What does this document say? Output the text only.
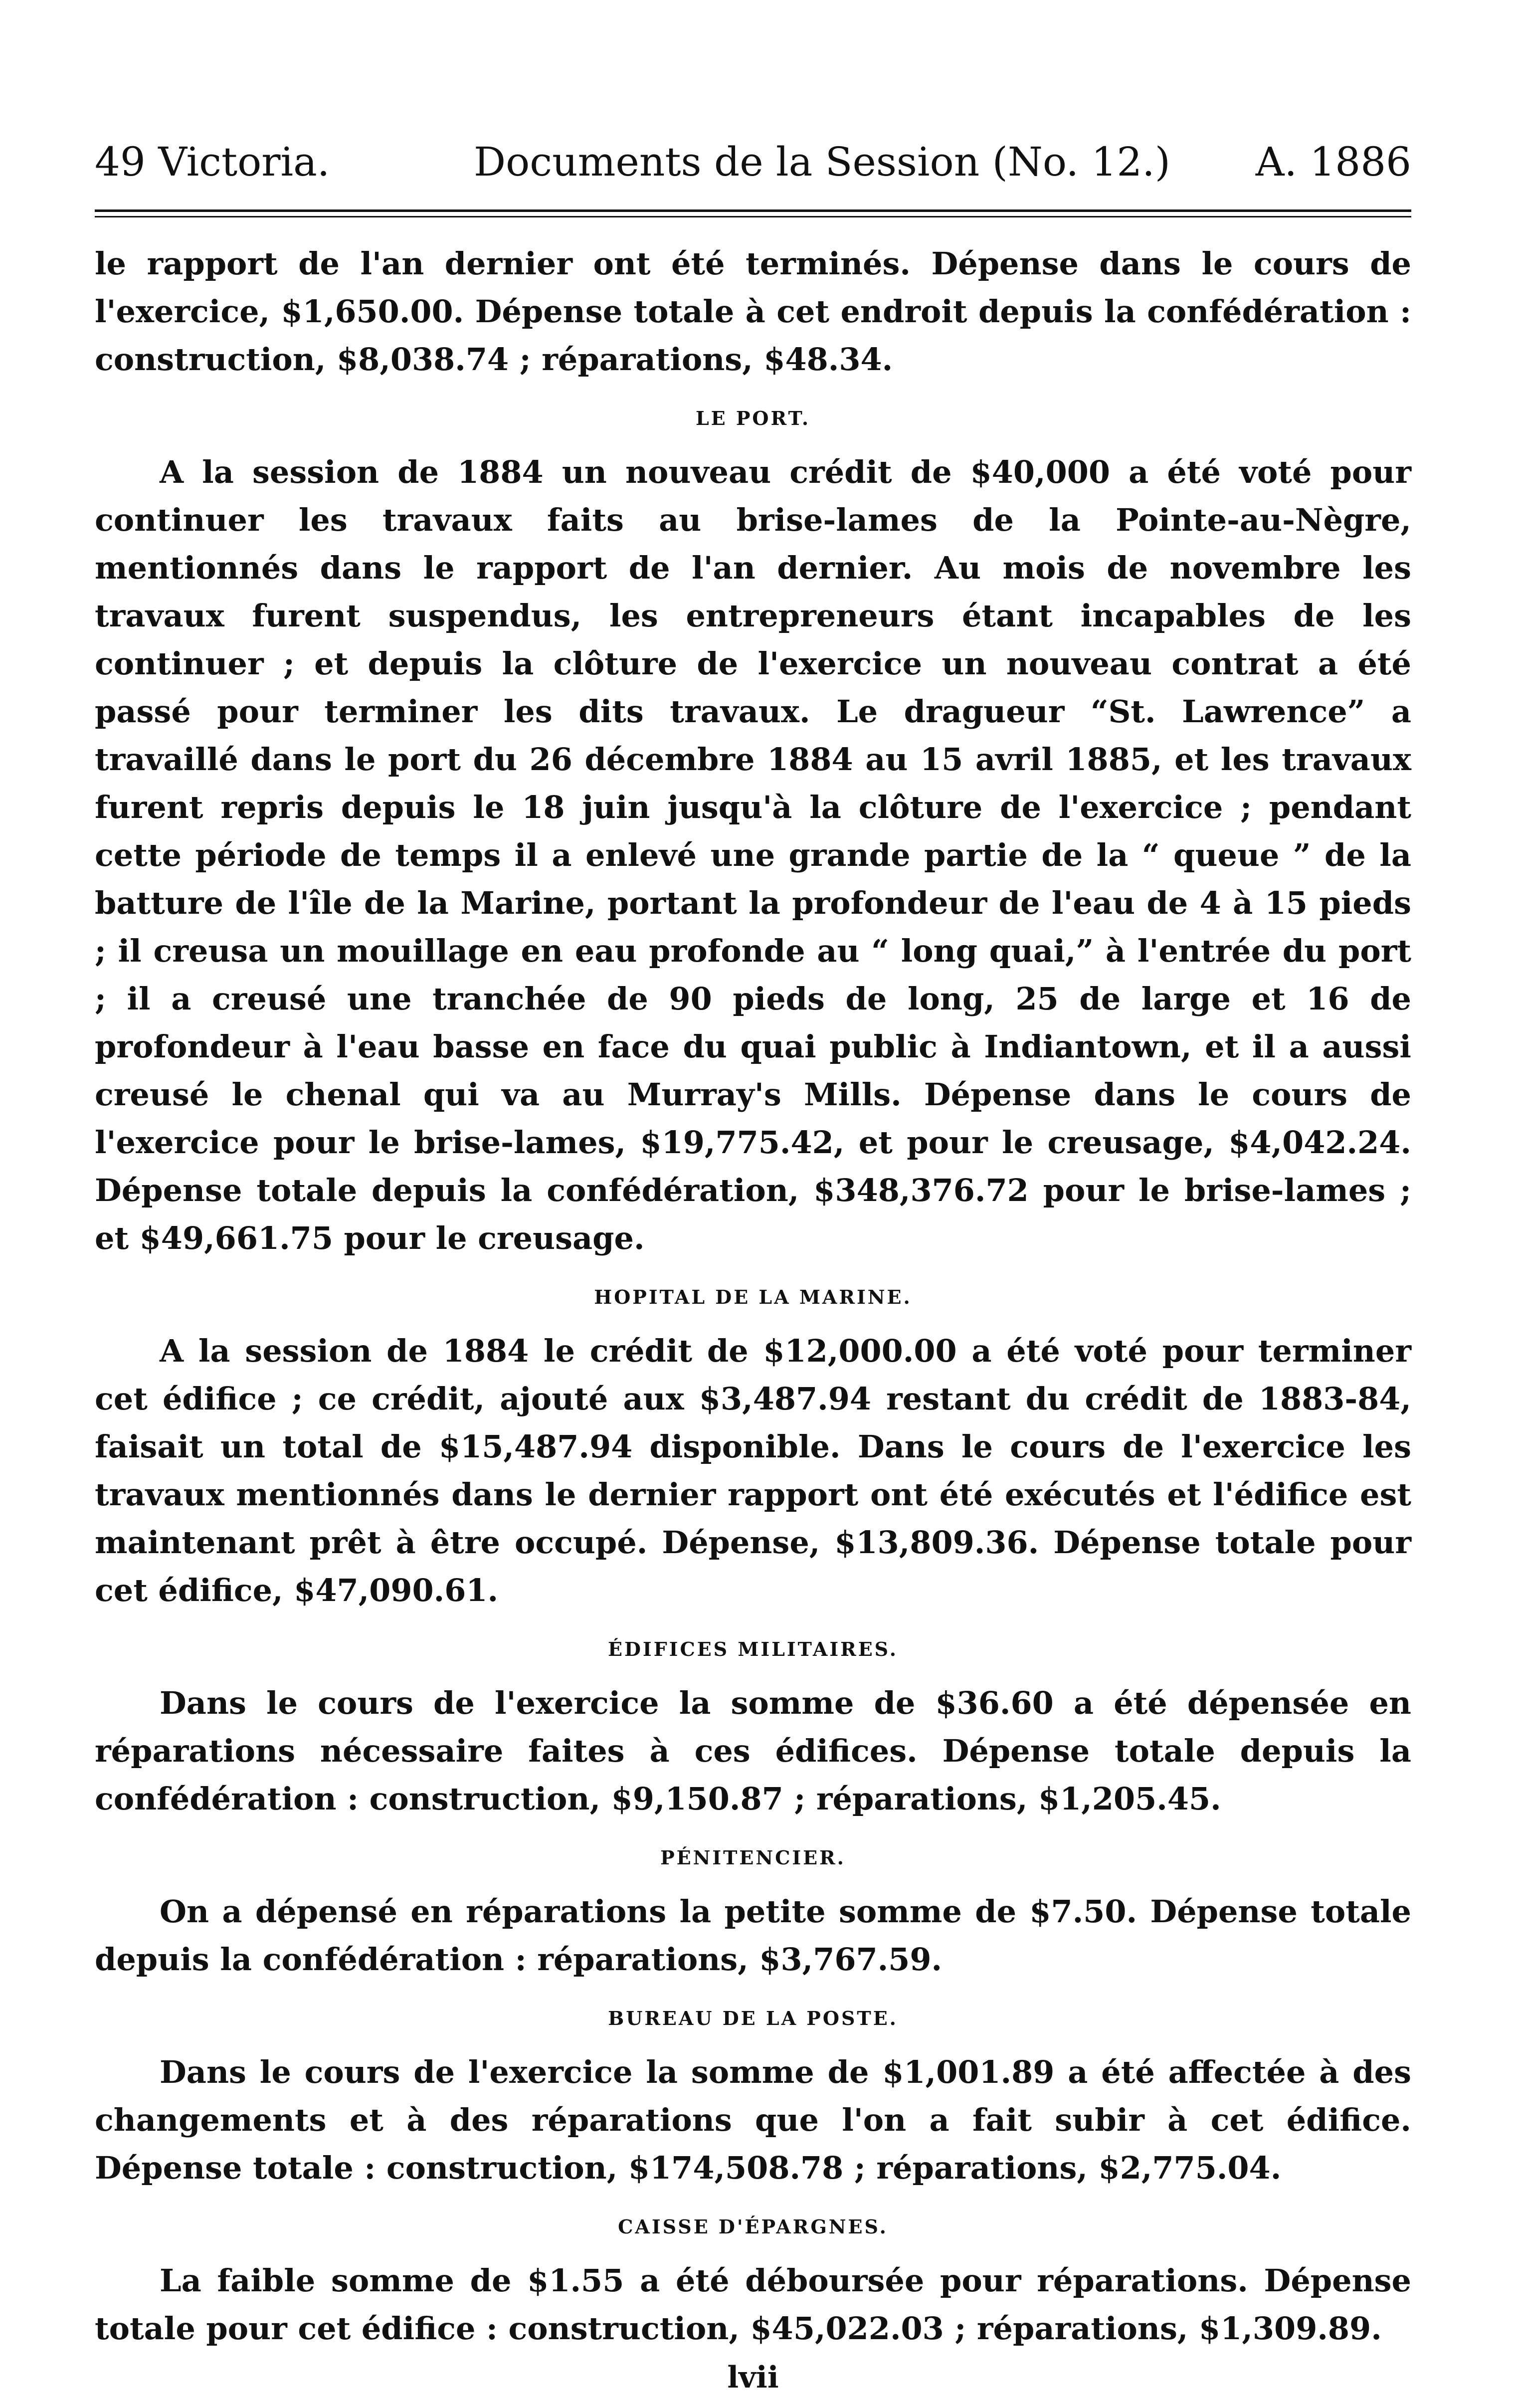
49 Victoria.	Documents de la Session (No. 12.) A. 1886

le rapport de l'an dernier ont été terminés. Dépense dans le cours de l'exercice, $1,650.00. Dépense totale à cet endroit depuis la confédération : construction, $8,038.74 ; réparations, $48.34.

LE PORT.

A la session de 1884 un nouveau crédit de $40,000 a été voté pour continuer les travaux faits au brise-lames de la Pointe-au-Nègre, mentionnés dans le rapport de l'an dernier. Au mois de novembre les travaux furent suspendus, les entrepreneurs étant incapables de les continuer ; et depuis la clôture de l'exercice un nouveau contrat a été passé pour terminer les dits travaux. Le dragueur “St. Lawrence” a travaillé dans le port du 26 décembre 1884 au 15 avril 1885, et les travaux furent repris depuis le 18 juin jusqu'à la clôture de l'exercice ; pendant cette période de temps il a enlevé une grande partie de la “ queue ” de la batture de l'île de la Marine, portant la profondeur de l'eau de 4 à 15 pieds ; il creusa un mouillage en eau profonde au “ long quai,” à l'entrée du port ; il a creusé une tranchée de 90 pieds de long, 25 de large et 16 de profondeur à l'eau basse en face du quai public à Indiantown, et il a aussi creusé le chenal qui va au Murray's Mills. Dépense dans le cours de l'exercice pour le brise-lames, $19,775.42, et pour le creusage, $4,042.24. Dépense totale depuis la confédération, $348,376.72 pour le brise-lames ; et $49,661.75 pour le creusage.

HOPITAL DE LA MARINE.

A la session de 1884 le crédit de $12,000.00 a été voté pour terminer cet édifice ; ce crédit, ajouté aux $3,487.94 restant du crédit de 1883-84, faisait un total de $15,487.94 disponible. Dans le cours de l'exercice les travaux mentionnés dans le dernier rapport ont été exécutés et l'édifice est maintenant prêt à être occupé. Dépense, $13,809.36. Dépense totale pour cet édifice, $47,090.61.

ÉDIFICES MILITAIRES.

Dans le cours de l'exercice la somme de $36.60 a été dépensée en réparations nécessaire faites à ces édifices. Dépense totale depuis la confédération : construction, $9,150.87 ; réparations, $1,205.45.

PÉNITENCIER.

On a dépensé en réparations la petite somme de $7.50. Dépense totale depuis la confédération : réparations, $3,767.59.

BUREAU DE LA POSTE.

Dans le cours de l'exercice la somme de $1,001.89 a été affectée à des changements et à des réparations que l'on a fait subir à cet édifice. Dépense totale : construction, $174,508.78 ; réparations, $2,775.04.

CAISSE D'ÉPARGNES.

La faible somme de $1.55 a été déboursée pour réparations. Dépense totale pour cet édifice : construction, $45,022.03 ; réparations, $1,309.89.

lvii
